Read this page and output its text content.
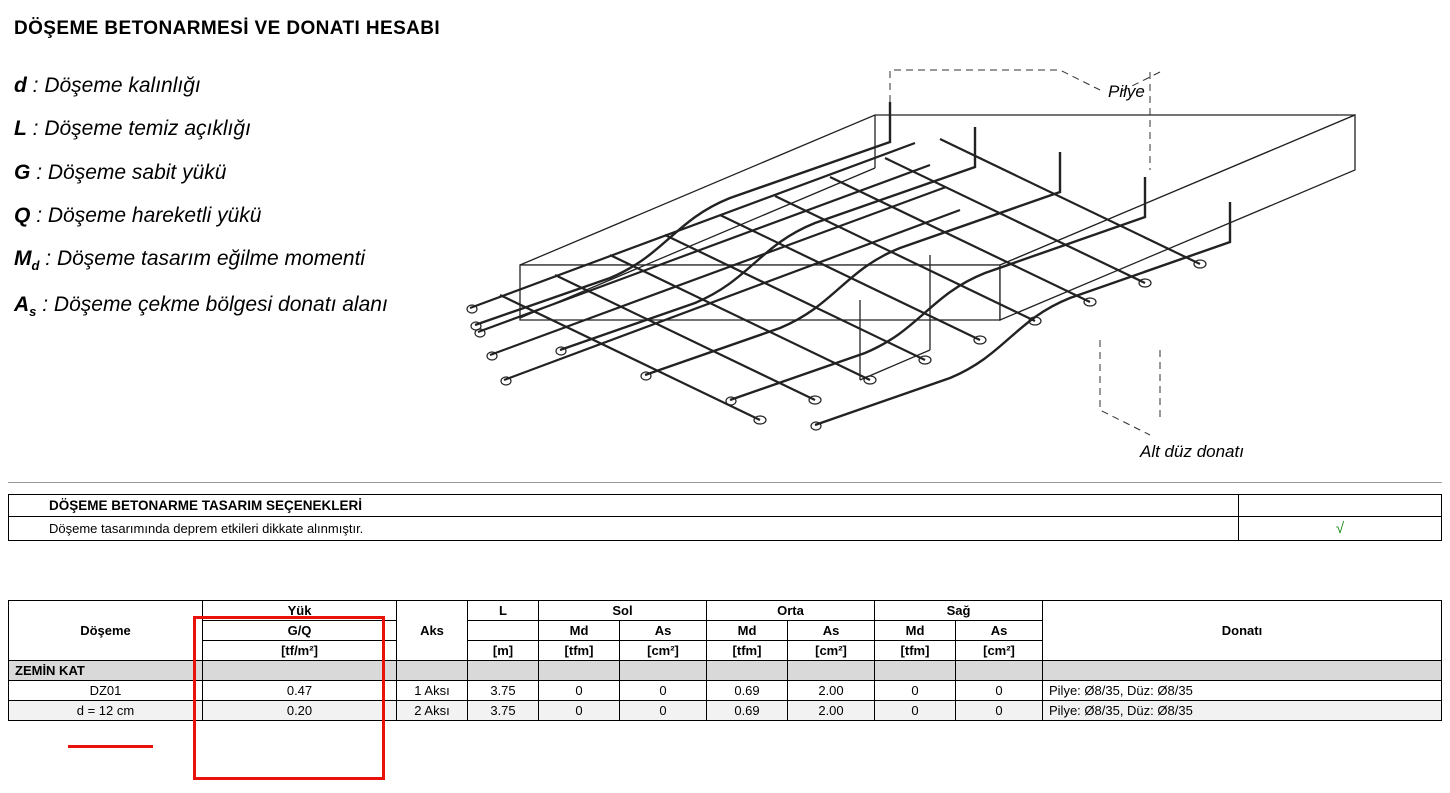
DÖŞEME BETONARMESİ VE DONATI HESABI
d : Döşeme kalınlığı
L : Döşeme temiz açıklığı
G : Döşeme sabit yükü
Q : Döşeme hareketli yükü
$M_d$ : Döşeme tasarım eğilme momenti
$A_s$ : Döşeme çekme bölgesi donatı alanı
Pilye
Alt düz donatı
DÖŞEME BETONARME TASARIM SEÇENEKLERİ	
Döşeme tasarımında deprem etkileri dikkate alınmıştır.	√
Döşeme	Yük	Aks	L	Sol		Orta		Sağ		Donatı
	G/Q			Md	As	Md	As	Md	As	
	[tf/m²]		[m]	[tfm]	[cm²]	[tfm]	[cm²]	[tfm]	[cm²]	
ZEMİN KAT										
DZ01	0.47	1 Aksı	3.75	0	0	0.69	2.00	0	0	Pilye: Ø8/35, Düz: Ø8/35
d = 12 cm	0.20	2 Aksı	3.75	0	0	0.69	2.00	0	0	Pilye: Ø8/35, Düz: Ø8/35
